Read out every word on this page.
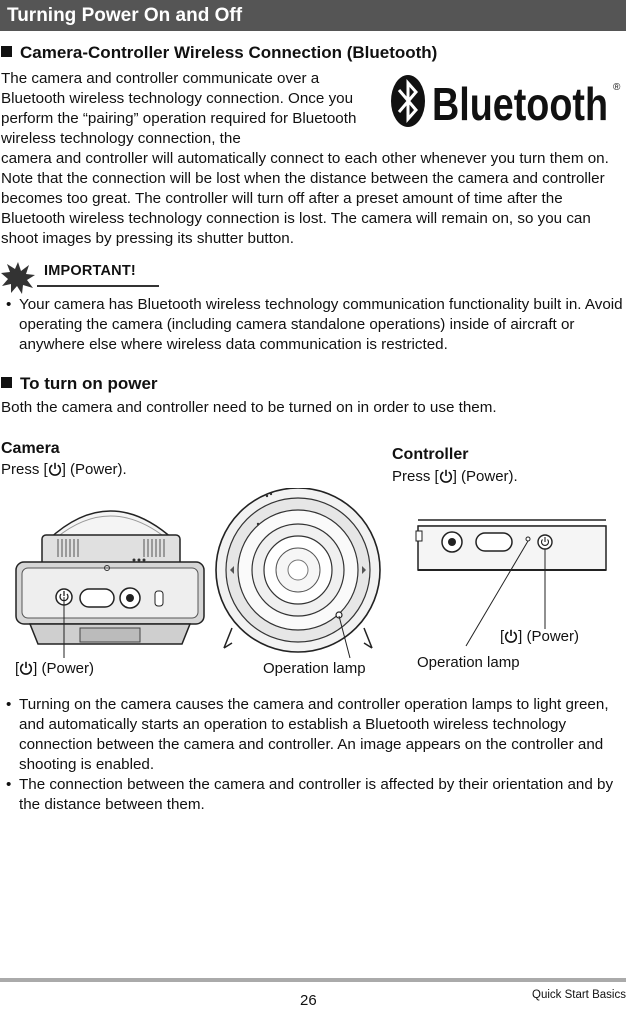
Turning Power On and Off
Camera-Controller Wireless Connection (Bluetooth)
The camera and controller communicate over a Bluetooth wireless technology connection. Once you perform the “pairing” operation required for Bluetooth wireless technology connection, the
Bluetooth ®
camera and controller will automatically connect to each other whenever you turn them on. Note that the connection will be lost when the distance between the camera and controller becomes too great. The controller will turn off after a preset amount of time after the Bluetooth wireless technology connection is lost. The camera will remain on, so you can shoot images by pressing its shutter button.
IMPORTANT!
• Your camera has Bluetooth wireless technology communication functionality built in. Avoid operating the camera (including camera standalone operations) inside of aircraft or anywhere else where wireless data communication is restricted.
To turn on power
Both the camera and controller need to be turned on in order to use them.
Camera
Press [ ] (Power).
Controller
Press [ ] (Power).
[ ] (Power)	Operation lamp
[ ] (Power)
Operation lamp
• Turning on the camera causes the camera and controller operation lamps to light green, and automatically starts an operation to establish a Bluetooth wireless technology connection between the camera and controller. An image appears on the controller and shooting is enabled.
• The connection between the camera and controller is affected by their orientation and by the distance between them.
26	Quick Start Basics
